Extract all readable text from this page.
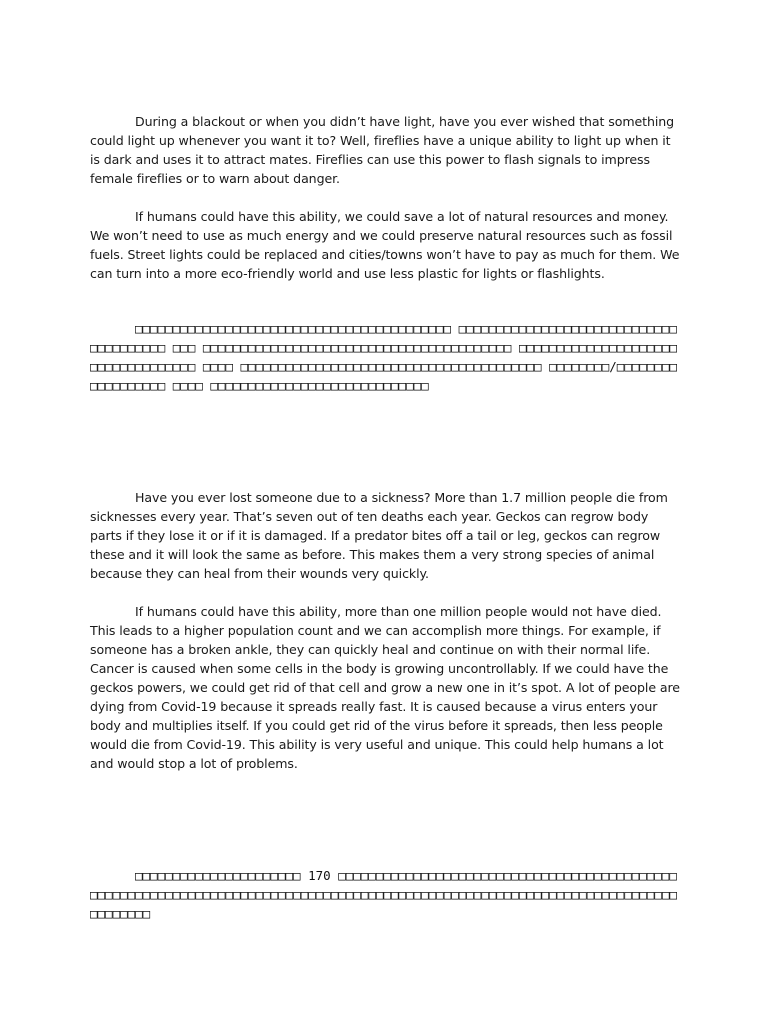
During a blackout or when you didn’t have light, have you ever wished that something could light up whenever you want it to? Well, fireflies have a unique ability to light up when it is dark and uses it to attract mates. Fireflies can use this power to flash signals to impress female fireflies or to warn about danger.

If humans could have this ability, we could save a lot of natural resources and money. We won’t need to use as much energy and we could preserve natural resources such as fossil fuels. Street lights could be replaced and cities/towns won’t have to pay as much for them. We can turn into a more eco-friendly world and use less plastic for lights or flashlights.

□□□□□□□□□□□□□□□□□□□□□□□□□□□□□□□□□□□□□□□□□□ □□□□□□□□□□□□□□□□□□□□□□□□□□□□□□□□□□□□□□□ □□□ □□□□□□□□□□□□□□□□□□□□□□□□□□□□□□□□□□□□□□□□□ □□□□□□□□□□□□□□□□□□□□□□□□□□□□□□□□□□□ □□□□ □□□□□□□□□□□□□□□□□□□□□□□□□□□□□□□□□□□□□□□□ □□□□□□□□/□□□□□□□□□□□□□□□□□□ □□□□ □□□□□□□□□□□□□□□□□□□□□□□□□□□□□

Have you ever lost someone due to a sickness? More than 1.7 million people die from sicknesses every year. That’s seven out of ten deaths each year. Geckos can regrow body parts if they lose it or if it is damaged. If a predator bites off a tail or leg, geckos can regrow these and it will look the same as before. This makes them a very strong species of animal because they can heal from their wounds very quickly.

If humans could have this ability, more than one million people would not have died. This leads to a higher population count and we can accomplish more things. For example, if someone has a broken ankle, they can quickly heal and continue on with their normal life. Cancer is caused when some cells in the body is growing uncontrollably. If we could have the geckos powers, we could get rid of that cell and grow a new one in it’s spot. A lot of people are dying from Covid-19 because it spreads really fast. It is caused because a virus enters your body and multiplies itself. If you could get rid of the virus before it spreads, then less people would die from Covid-19. This ability is very useful and unique. This could help humans a lot and would stop a lot of problems.

□□□□□□□□□□□□□□□□□□□□□□ 170 □□□□□□□□□□□□□□□□□□□□□□□□□□□□□□□□□□□□□□□□□□□□□□□□□□□□□□□□□□□□□□□□□□□□□□□□□□□□□□□□□□□□□□□□□□□□□□□□□□□□□□□□□□□□□□□□□□□□□□□□□□□□□□□□□□□
